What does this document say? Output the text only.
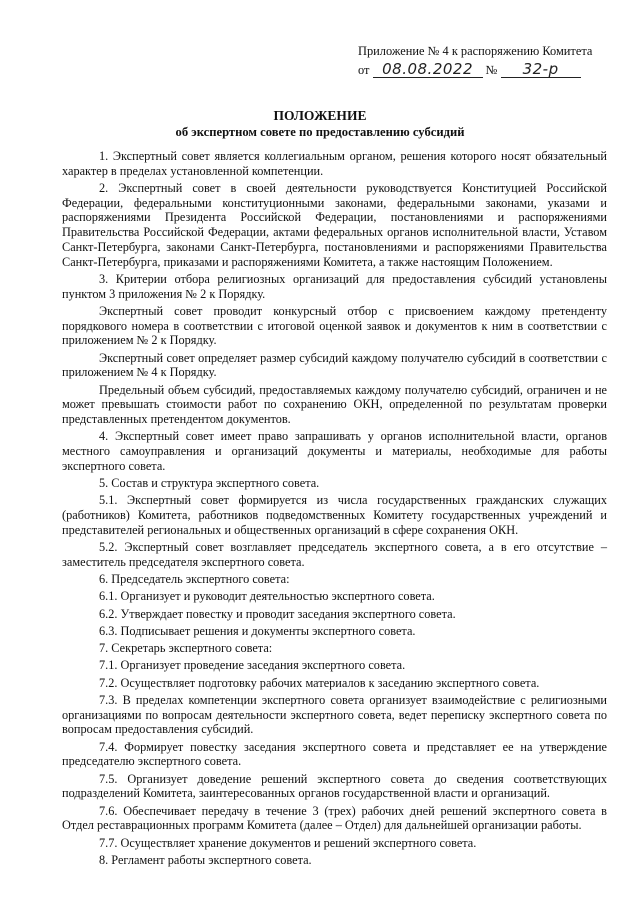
Приложение № 4 к распоряжению Комитета
от 08.08.2022 № 32-р
ПОЛОЖЕНИЕ
об экспертном совете по предоставлению субсидий

1. Экспертный совет является коллегиальным органом, решения которого носят обязательный характер в пределах установленной компетенции.

2. Экспертный совет в своей деятельности руководствуется Конституцией Российской Федерации, федеральными конституционными законами, федеральными законами, указами и распоряжениями Президента Российской Федерации, постановлениями и распоряжениями Правительства Российской Федерации, актами федеральных органов исполнительной власти, Уставом Санкт-Петербурга, законами Санкт-Петербурга, постановлениями и распоряжениями Правительства Санкт-Петербурга, приказами и распоряжениями Комитета, а также настоящим Положением.

3. Критерии отбора религиозных организаций для предоставления субсидий установлены пунктом 3 приложения № 2 к Порядку.

Экспертный совет проводит конкурсный отбор с присвоением каждому претенденту порядкового номера в соответствии с итоговой оценкой заявок и документов к ним в соответствии с приложением № 2 к Порядку.

Экспертный совет определяет размер субсидий каждому получателю субсидий в соответствии с приложением № 4 к Порядку.

Предельный объем субсидий, предоставляемых каждому получателю субсидий, ограничен и не может превышать стоимости работ по сохранению ОКН, определенной по результатам проверки представленных претендентом документов.

4. Экспертный совет имеет право запрашивать у органов исполнительной власти, органов местного самоуправления и организаций документы и материалы, необходимые для работы экспертного совета.

5. Состав и структура экспертного совета.

5.1. Экспертный совет формируется из числа государственных гражданских служащих (работников) Комитета, работников подведомственных Комитету государственных учреждений и представителей региональных и общественных организаций в сфере сохранения ОКН.

5.2. Экспертный совет возглавляет председатель экспертного совета, а в его отсутствие – заместитель председателя экспертного совета.

6. Председатель экспертного совета:

6.1. Организует и руководит деятельностью экспертного совета.

6.2. Утверждает повестку и проводит заседания экспертного совета.

6.3. Подписывает решения и документы экспертного совета.

7. Секретарь экспертного совета:

7.1. Организует проведение заседания экспертного совета.

7.2. Осуществляет подготовку рабочих материалов к заседанию экспертного совета.

7.3. В пределах компетенции экспертного совета организует взаимодействие с религиозными организациями по вопросам деятельности экспертного совета, ведет переписку экспертного совета по вопросам предоставления субсидий.

7.4. Формирует повестку заседания экспертного совета и представляет ее на утверждение председателю экспертного совета.

7.5. Организует доведение решений экспертного совета до сведения соответствующих подразделений Комитета, заинтересованных органов государственной власти и организаций.

7.6. Обеспечивает передачу в течение 3 (трех) рабочих дней решений экспертного совета в Отдел реставрационных программ Комитета (далее – Отдел) для дальнейшей организации работы.

7.7. Осуществляет хранение документов и решений экспертного совета.

8. Регламент работы экспертного совета.
